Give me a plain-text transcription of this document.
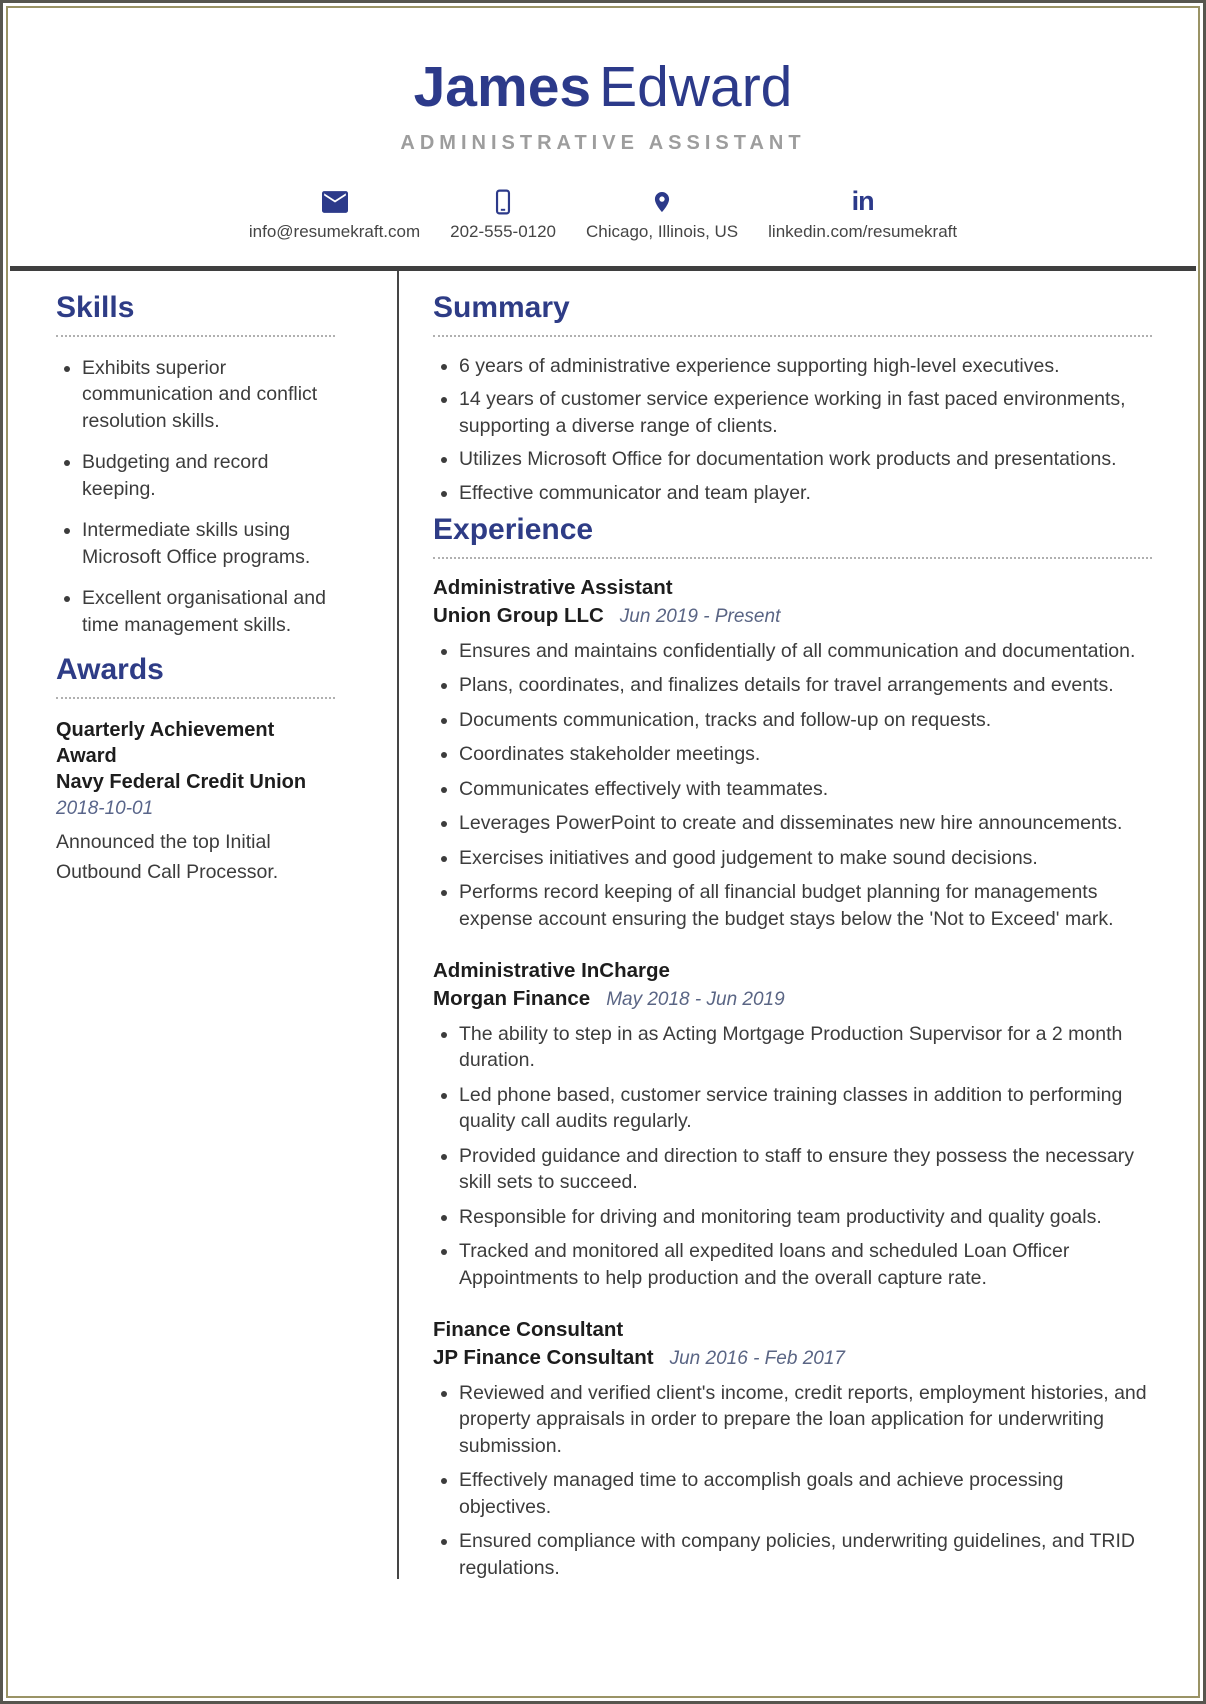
James Edward
ADMINISTRATIVE ASSISTANT
info@resumekraft.com 202-555-0120 Chicago, Illinois, US
in
linkedin.com/resumekraft
Skills
• Exhibits superior communication and conflict resolution skills.
• Budgeting and record keeping.
• Intermediate skills using Microsoft Office programs.
• Excellent organisational and time management skills.
Awards
Quarterly Achievement Award
Navy Federal Credit Union
2018-10-01
Announced the top Initial Outbound Call Processor.
Summary
• 6 years of administrative experience supporting high-level executives.
• 14 years of customer service experience working in fast paced environments, supporting a diverse range of clients.
• Utilizes Microsoft Office for documentation work products and presentations.
• Effective communicator and team player.
Experience
Administrative Assistant
Union Group LLC Jun 2019 - Present
• Ensures and maintains confidentially of all communication and documentation.
• Plans, coordinates, and finalizes details for travel arrangements and events.
• Documents communication, tracks and follow-up on requests.
• Coordinates stakeholder meetings.
• Communicates effectively with teammates.
• Leverages PowerPoint to create and disseminates new hire announcements.
• Exercises initiatives and good judgement to make sound decisions.
• Performs record keeping of all financial budget planning for managements expense account ensuring the budget stays below the 'Not to Exceed' mark.
Administrative InCharge
Morgan Finance May 2018 - Jun 2019
• The ability to step in as Acting Mortgage Production Supervisor for a 2 month duration.
• Led phone based, customer service training classes in addition to performing quality call audits regularly.
• Provided guidance and direction to staff to ensure they possess the necessary skill sets to succeed.
• Responsible for driving and monitoring team productivity and quality goals.
• Tracked and monitored all expedited loans and scheduled Loan Officer Appointments to help production and the overall capture rate.
Finance Consultant
JP Finance Consultant Jun 2016 - Feb 2017
• Reviewed and verified client's income, credit reports, employment histories, and property appraisals in order to prepare the loan application for underwriting submission.
• Effectively managed time to accomplish goals and achieve processing objectives.
• Ensured compliance with company policies, underwriting guidelines, and TRID regulations.
